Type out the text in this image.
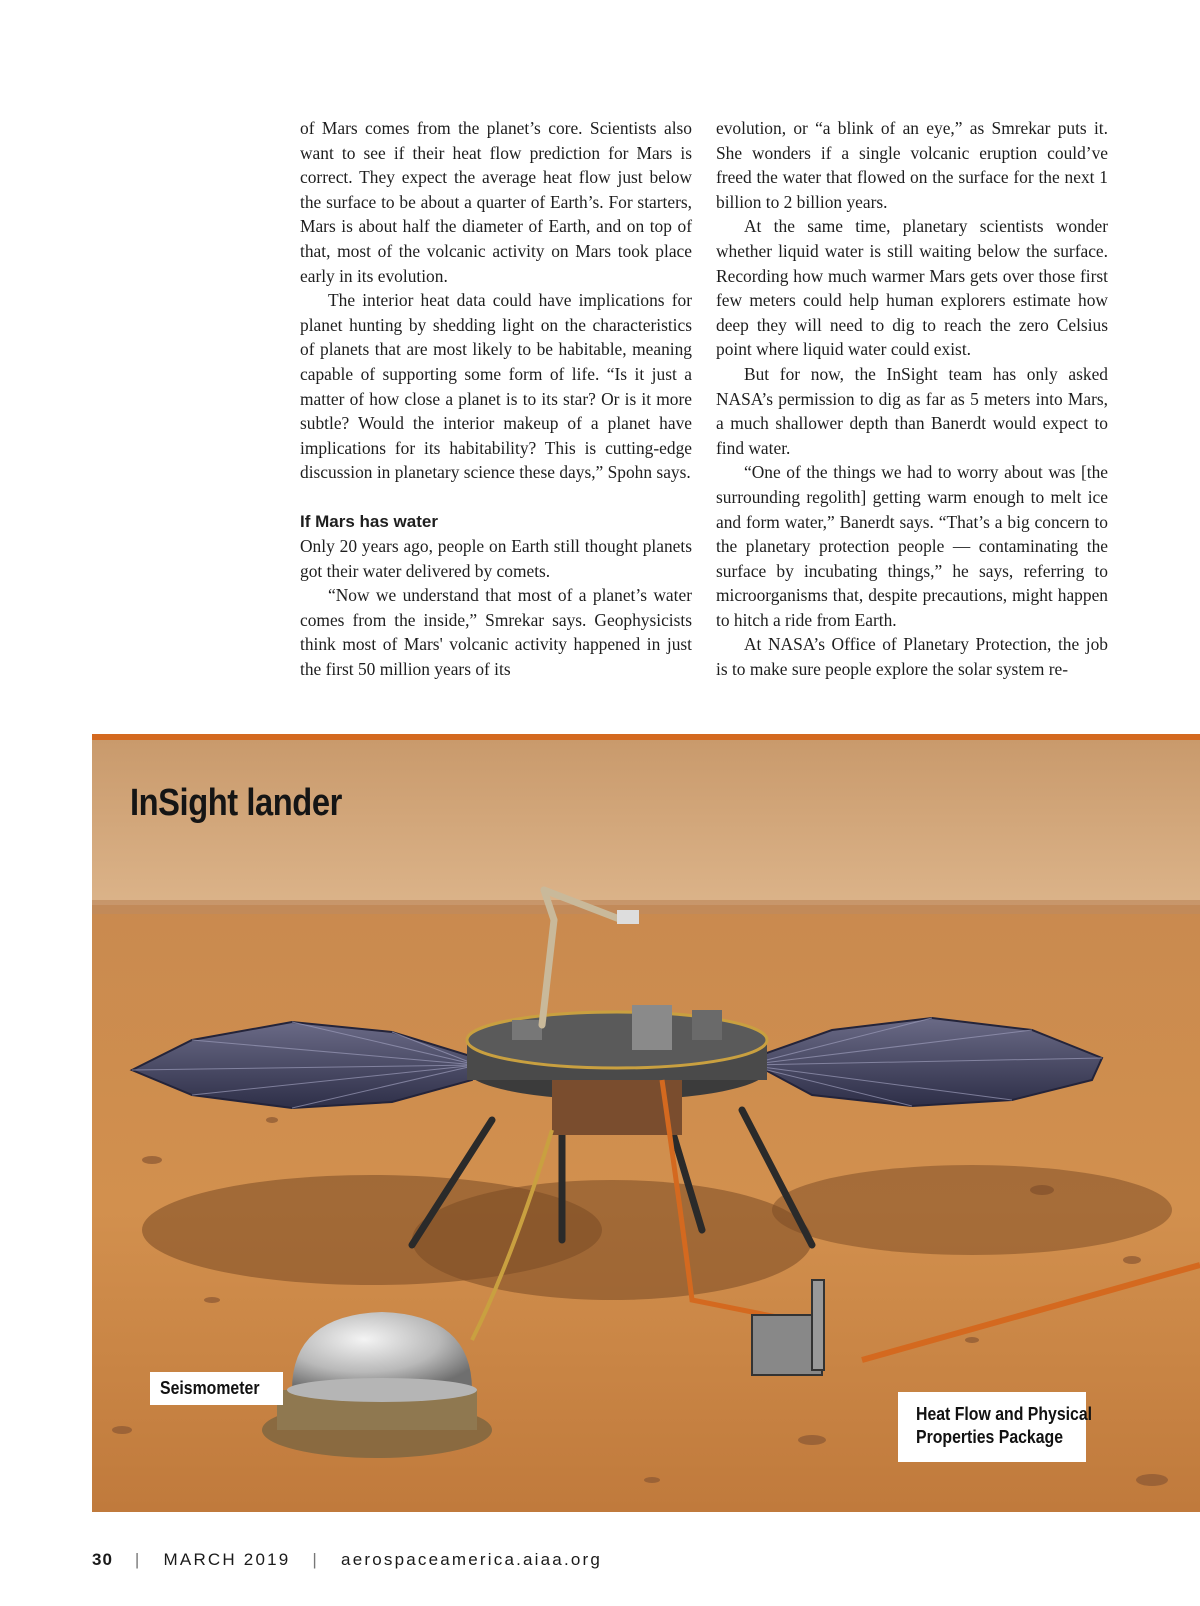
of Mars comes from the planet’s core. Scientists also want to see if their heat flow prediction for Mars is correct. They expect the average heat flow just below the surface to be about a quarter of Earth’s. For starters, Mars is about half the diameter of Earth, and on top of that, most of the volcanic activity on Mars took place early in its evolution.

The interior heat data could have implications for planet hunting by shedding light on the characteristics of planets that are most likely to be habitable, meaning capable of supporting some form of life. “Is it just a matter of how close a planet is to its star? Or is it more subtle? Would the interior makeup of a planet have implications for its habitability? This is cutting-edge discussion in planetary science these days,” Spohn says.

If Mars has water

Only 20 years ago, people on Earth still thought planets got their water delivered by comets.

“Now we understand that most of a planet’s water comes from the inside,” Smrekar says. Geophysicists think most of Mars' volcanic activity happened in just the first 50 million years of its

evolution, or “a blink of an eye,” as Smrekar puts it. She wonders if a single volcanic eruption could’ve freed the water that flowed on the surface for the next 1 billion to 2 billion years.

At the same time, planetary scientists wonder whether liquid water is still waiting below the surface. Recording how much warmer Mars gets over those first few meters could help human explorers estimate how deep they will need to dig to reach the zero Celsius point where liquid water could exist.

But for now, the InSight team has only asked NASA’s permission to dig as far as 5 meters into Mars, a much shallower depth than Banerdt would expect to find water.

“One of the things we had to worry about was [the surrounding regolith] getting warm enough to melt ice and form water,” Banerdt says. “That’s a big concern to the planetary protection people — contaminating the surface by incubating things,” he says, referring to microorganisms that, despite precautions, might happen to hitch a ride from Earth.

At NASA’s Office of Planetary Protection, the job is to make sure people explore the solar system re-

InSight lander
Seismometer
Heat Flow and Physical
Properties Package
30 | MARCH 2019 | aerospaceamerica.aiaa.org
